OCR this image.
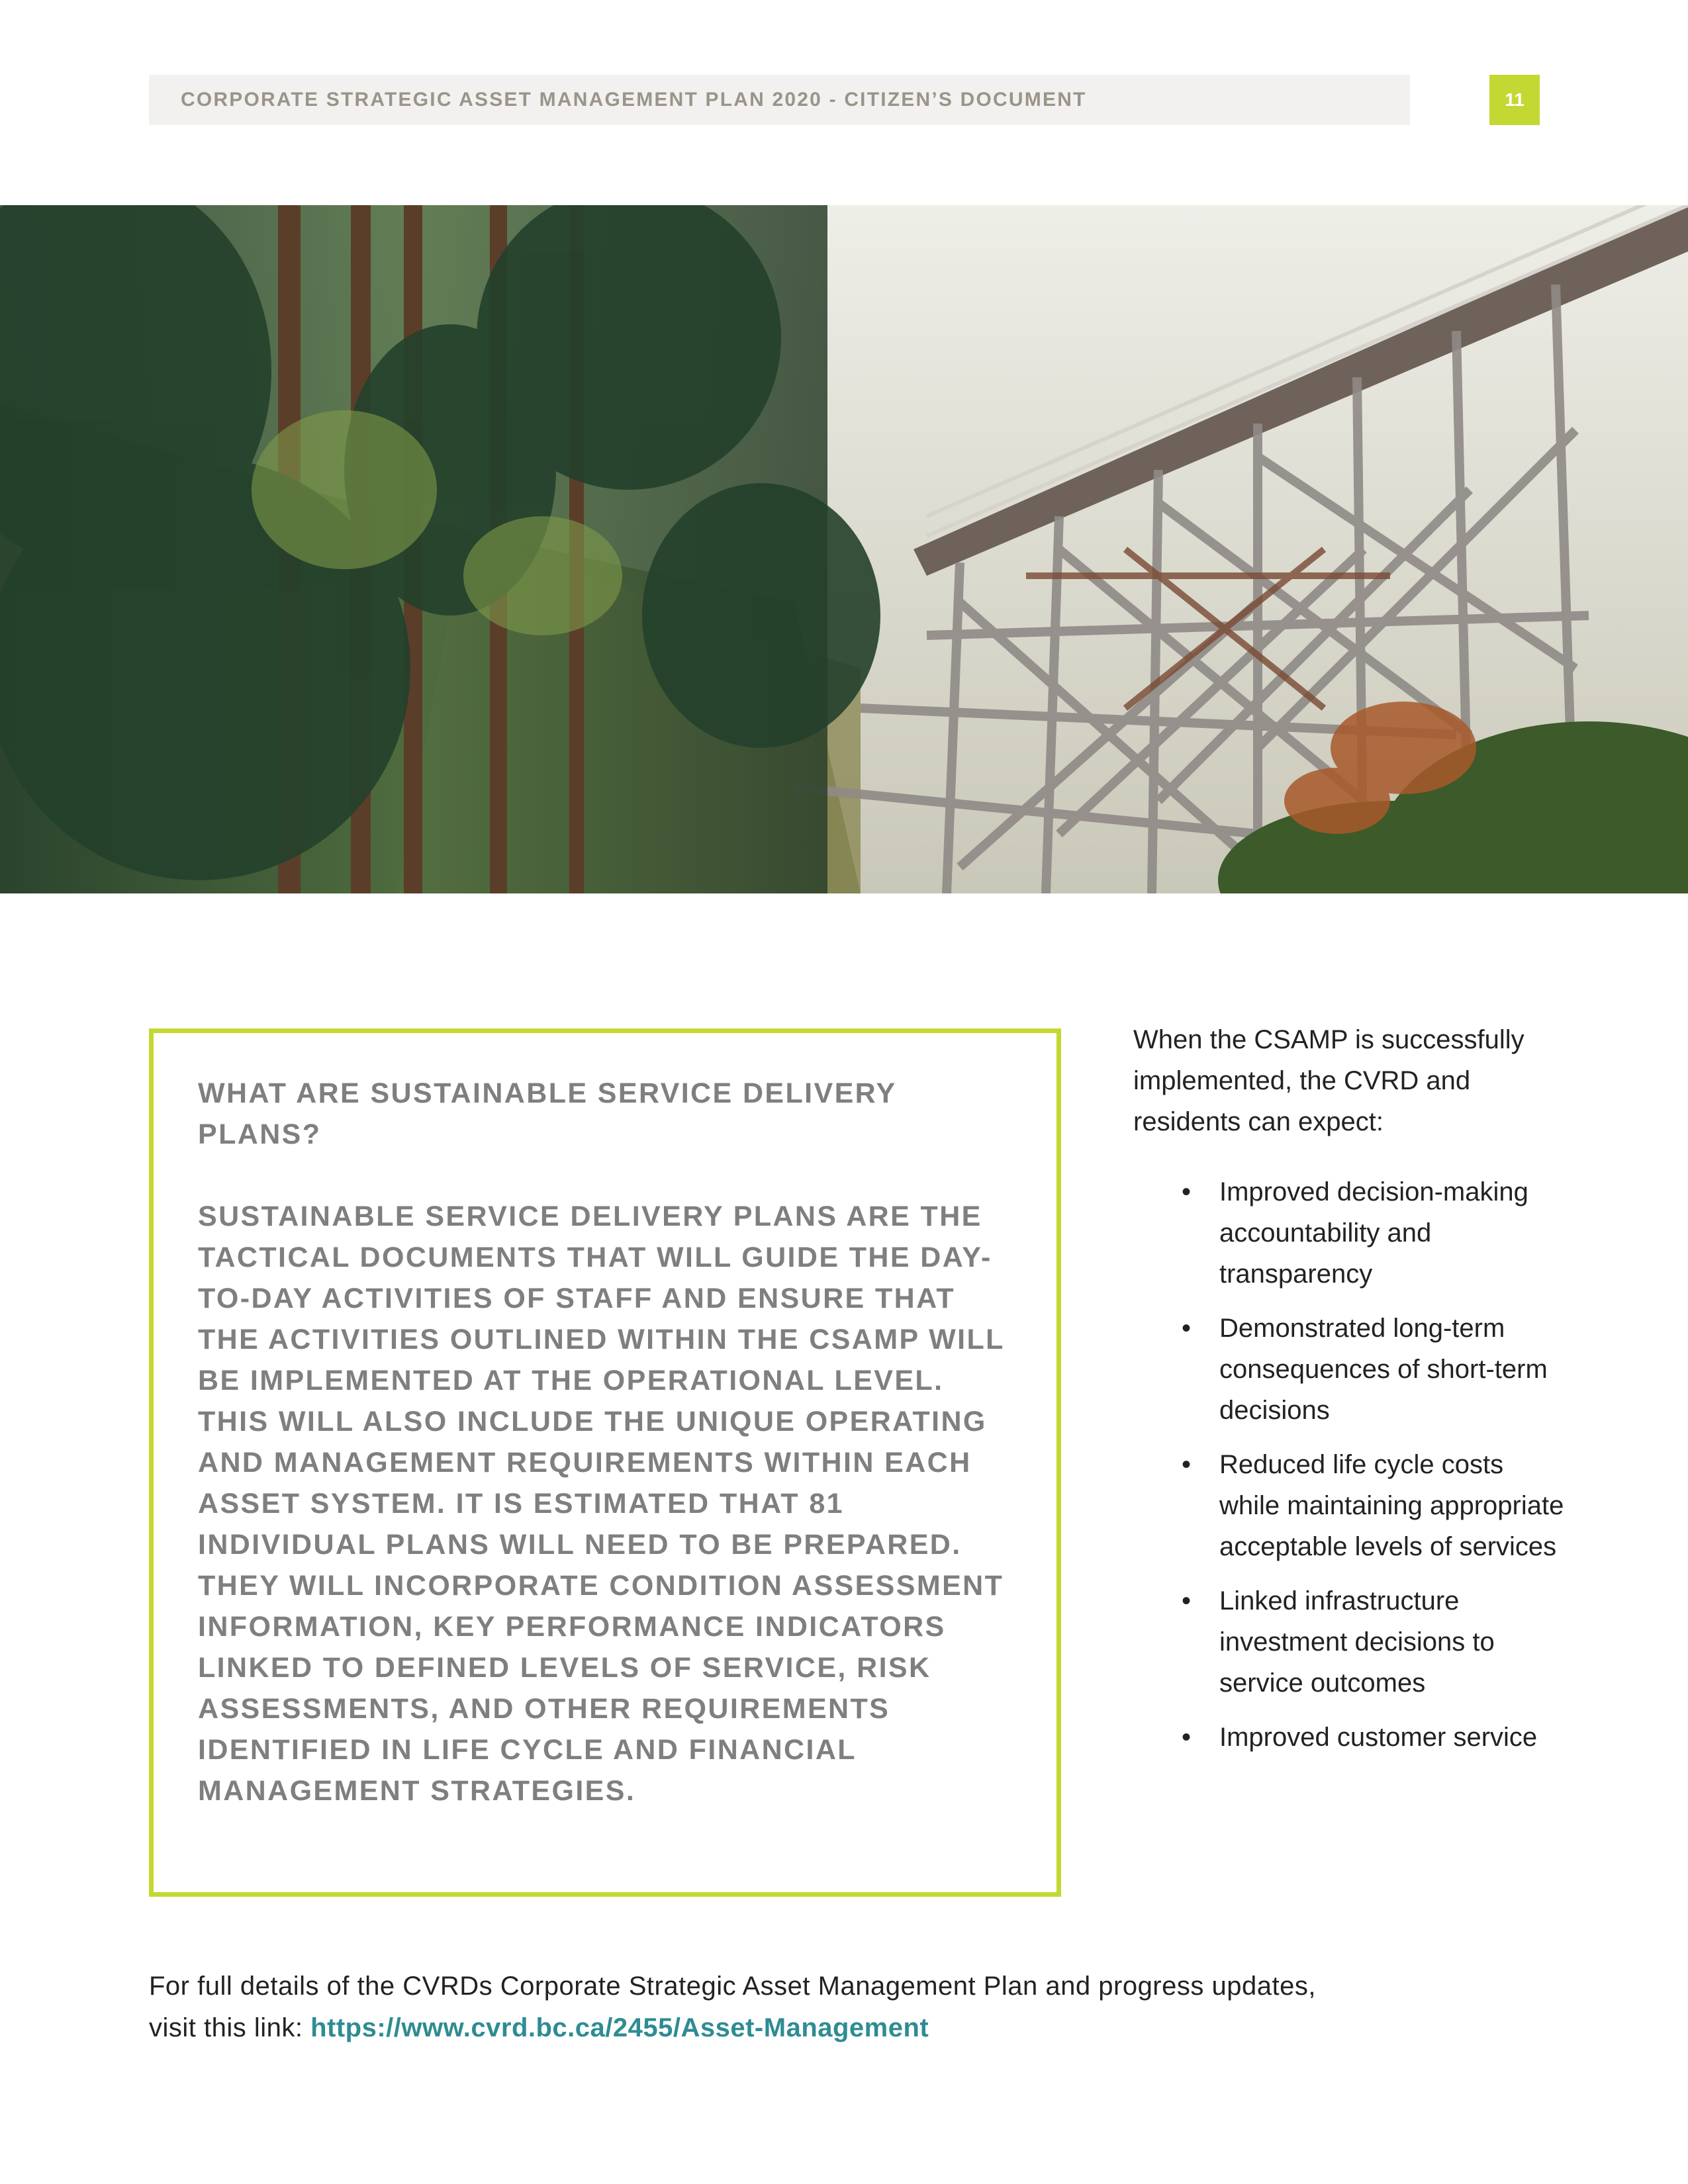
CORPORATE STRATEGIC ASSET MANAGEMENT PLAN 2020 - CITIZEN’S DOCUMENT	11

WHAT ARE SUSTAINABLE SERVICE DELIVERY PLANS?

SUSTAINABLE SERVICE DELIVERY PLANS ARE THE TACTICAL DOCUMENTS THAT WILL GUIDE THE DAY-TO-DAY ACTIVITIES OF STAFF AND ENSURE THAT THE ACTIVITIES OUTLINED WITHIN THE CSAMP WILL BE IMPLEMENTED AT THE OPERATIONAL LEVEL. THIS WILL ALSO INCLUDE THE UNIQUE OPERATING AND MANAGEMENT REQUIREMENTS WITHIN EACH ASSET SYSTEM. IT IS ESTIMATED THAT 81 INDIVIDUAL PLANS WILL NEED TO BE PREPARED. THEY WILL INCORPORATE CONDITION ASSESSMENT INFORMATION, KEY PERFORMANCE INDICATORS LINKED TO DEFINED LEVELS OF SERVICE, RISK ASSESSMENTS, AND OTHER REQUIREMENTS IDENTIFIED IN LIFE CYCLE AND FINANCIAL MANAGEMENT STRATEGIES.

When the CSAMP is successfully implemented, the CVRD and residents can expect:

• Improved decision-making accountability and transparency
• Demonstrated long-term consequences of short-term decisions
• Reduced life cycle costs while maintaining appropriate acceptable levels of services
• Linked infrastructure investment decisions to service outcomes
• Improved customer service

For full details of the CVRDs Corporate Strategic Asset Management Plan and progress updates,

visit this link: https://www.cvrd.bc.ca/2455/Asset-Management
